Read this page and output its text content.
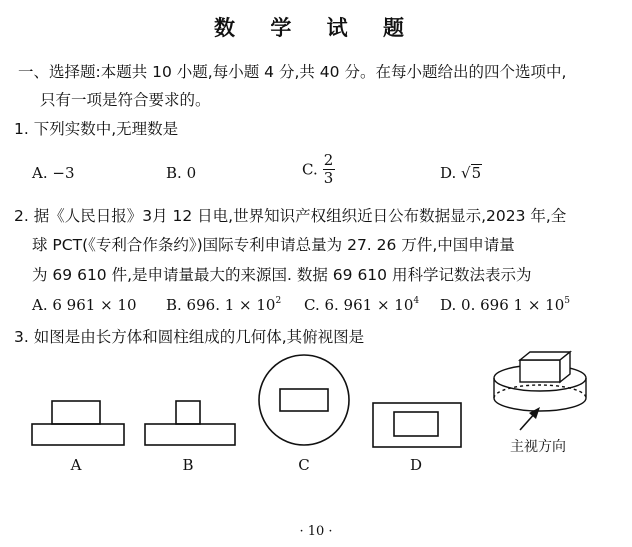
数 学 试 题
一、选择题:本题共 10 小题,每小题 4 分,共 40 分。在每小题给出的四个选项中,
只有一项是符合要求的。
1. 下列实数中,无理数是
A. −3	B. 0	C. $\frac{2}{3}$	D. √5
2. 据《人民日报》3月 12 日电,世界知识产权组织近日公布数据显示,2023 年,全
球 PCT(《专利合作条约》)国际专利申请总量为 27. 26 万件,中国申请量
为 69 610 件,是申请量最大的来源国. 数据 69 610 用科学记数法表示为
A. 6 961 × 10 B. 696. $1 \times 10^2$ C. 6. $961 \times 10^4$ D. 0. 696 $1 \times 10^5$
3. 如图是由长方体和圆柱组成的几何体,其俯视图是
A	B	C	D
主视方向
· 10 ·
